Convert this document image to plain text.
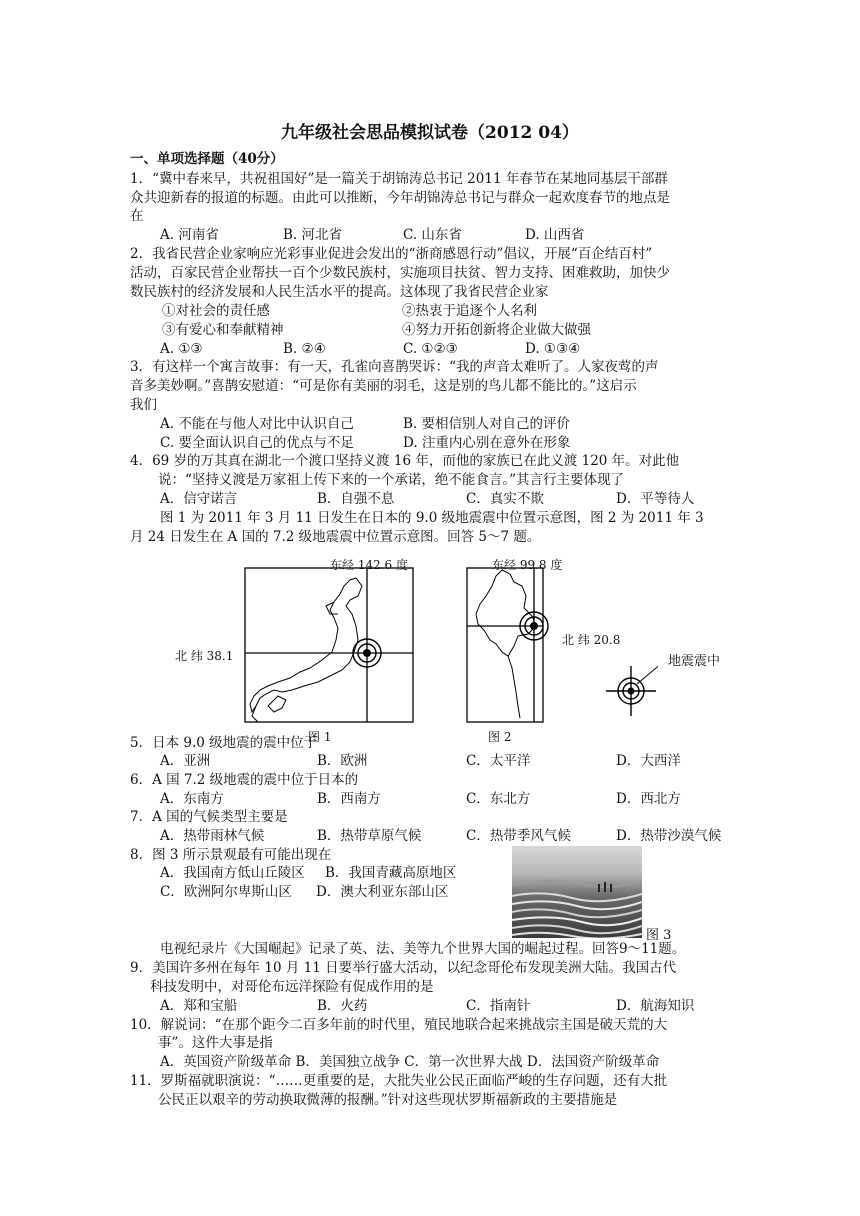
九年级社会思品模拟试卷（2012 04）
一、单项选择题（40分）
1．“冀中春来早，共祝祖国好”是一篇关于胡锦涛总书记 2011 年春节在某地同基层干部群
众共迎新春的报道的标题。由此可以推断，今年胡锦涛总书记与群众一起欢度春节的地点是
在
A. 河南省	B. 河北省	C. 山东省	D. 山西省
2．我省民营企业家响应光彩事业促进会发出的“浙商感恩行动”倡议，开展“百企结百村”
活动，百家民营企业帮扶一百个少数民族村，实施项目扶贫、智力支持、困难救助，加快少
数民族村的经济发展和人民生活水平的提高。这体现了我省民营企业家
①对社会的责任感	②热衷于追逐个人名利
③有爱心和奉献精神	④努力开拓创新将企业做大做强
A. ①③	B. ②④	C. ①②③	D. ①③④
3．有这样一个寓言故事：有一天，孔雀向喜鹊哭诉：“我的声音太难听了。人家夜莺的声
音多美妙啊。”喜鹊安慰道：“可是你有美丽的羽毛，这是别的鸟儿都不能比的。”这启示
我们
A. 不能在与他人对比中认识自己	B. 要相信别人对自己的评价
C. 要全面认识自己的优点与不足	D. 注重内心别在意外在形象
4．69 岁的万其真在湖北一个渡口坚持义渡 16 年，而他的家族已在此义渡 120 年。对此他
说：“坚持义渡是万家祖上传下来的一个承诺，绝不能食言。”其言行主要体现了
A．信守诺言	B．自强不息	C．真实不欺	D．平等待人
图 1 为 2011 年 3 月 11 日发生在日本的 9.0 级地震震中位置示意图，图 2 为 2011 年 3
月 24 日发生在 A 国的 7.2 级地震震中位置示意图。回答 5～7 题。
东经 142.6 度
北 纬 38.1
图 1
东经 99.8 度
北 纬 20.8
图 2
地震震中
5．日本 9.0 级地震的震中位于
A．亚洲	B．欧洲	C．太平洋	D．大西洋
6．A 国 7.2 级地震的震中位于日本的
A．东南方	B．西南方	C．东北方	D．西北方
7．A 国的气候类型主要是
A．热带雨林气候	B．热带草原气候	C．热带季风气候	D．热带沙漠气候
8．图 3 所示景观最有可能出现在
A．我国南方低山丘陵区 B．我国青藏高原地区
C．欧洲阿尔卑斯山区 D．澳大利亚东部山区
图 3
电视纪录片《大国崛起》记录了英、法、美等九个世界大国的崛起过程。回答9～11题。
9．美国许多州在每年 10 月 11 日要举行盛大活动，以纪念哥伦布发现美洲大陆。我国古代
科技发明中，对哥伦布远洋探险有促成作用的是
A．郑和宝船	B．火药	C．指南针	D．航海知识
10．解说词：“在那个距今二百多年前的时代里，殖民地联合起来挑战宗主国是破天荒的大
事”。这件大事是指
A．英国资产阶级革命 B．美国独立战争 C．第一次世界大战 D．法国资产阶级革命
11．罗斯福就职演说：“……更重要的是，大批失业公民正面临严峻的生存问题，还有大批
公民正以艰辛的劳动换取微薄的报酬。”针对这些现状罗斯福新政的主要措施是
